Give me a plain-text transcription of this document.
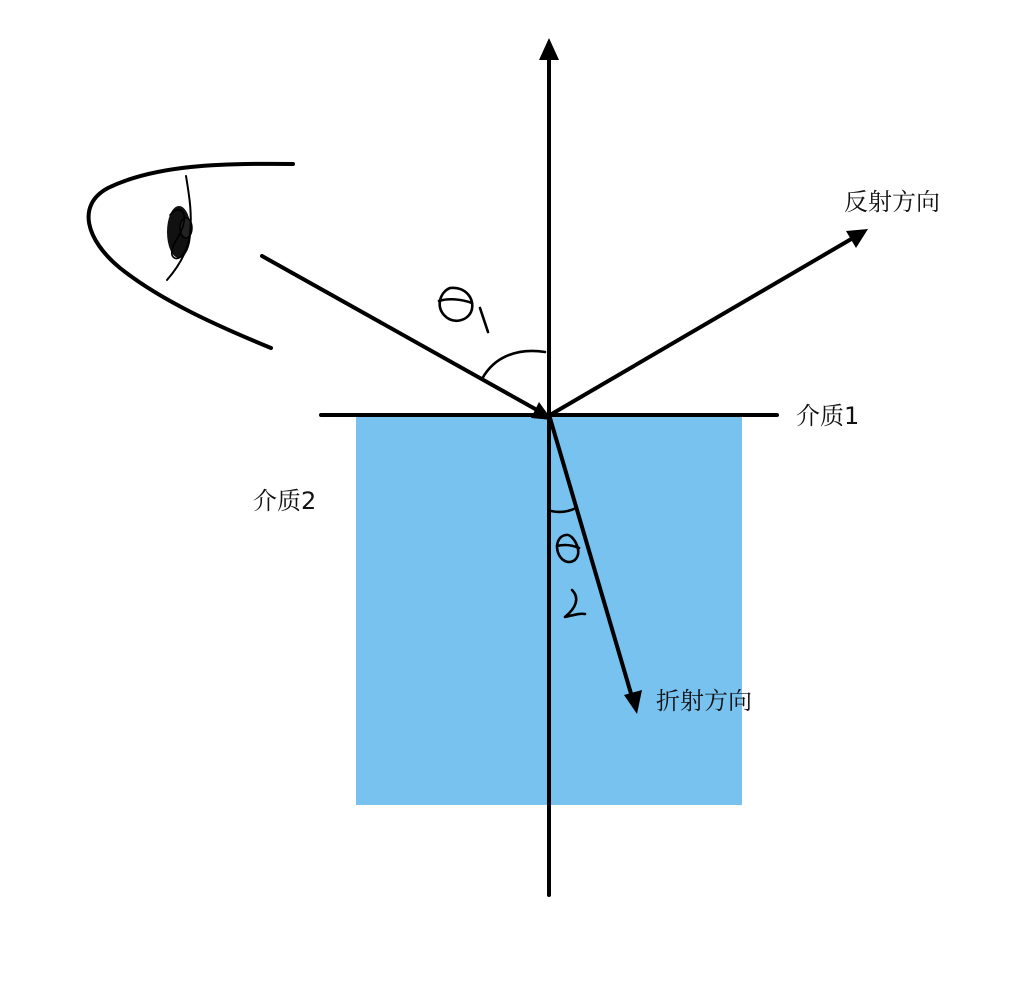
反射方向
介质1
介质2
折射方向
